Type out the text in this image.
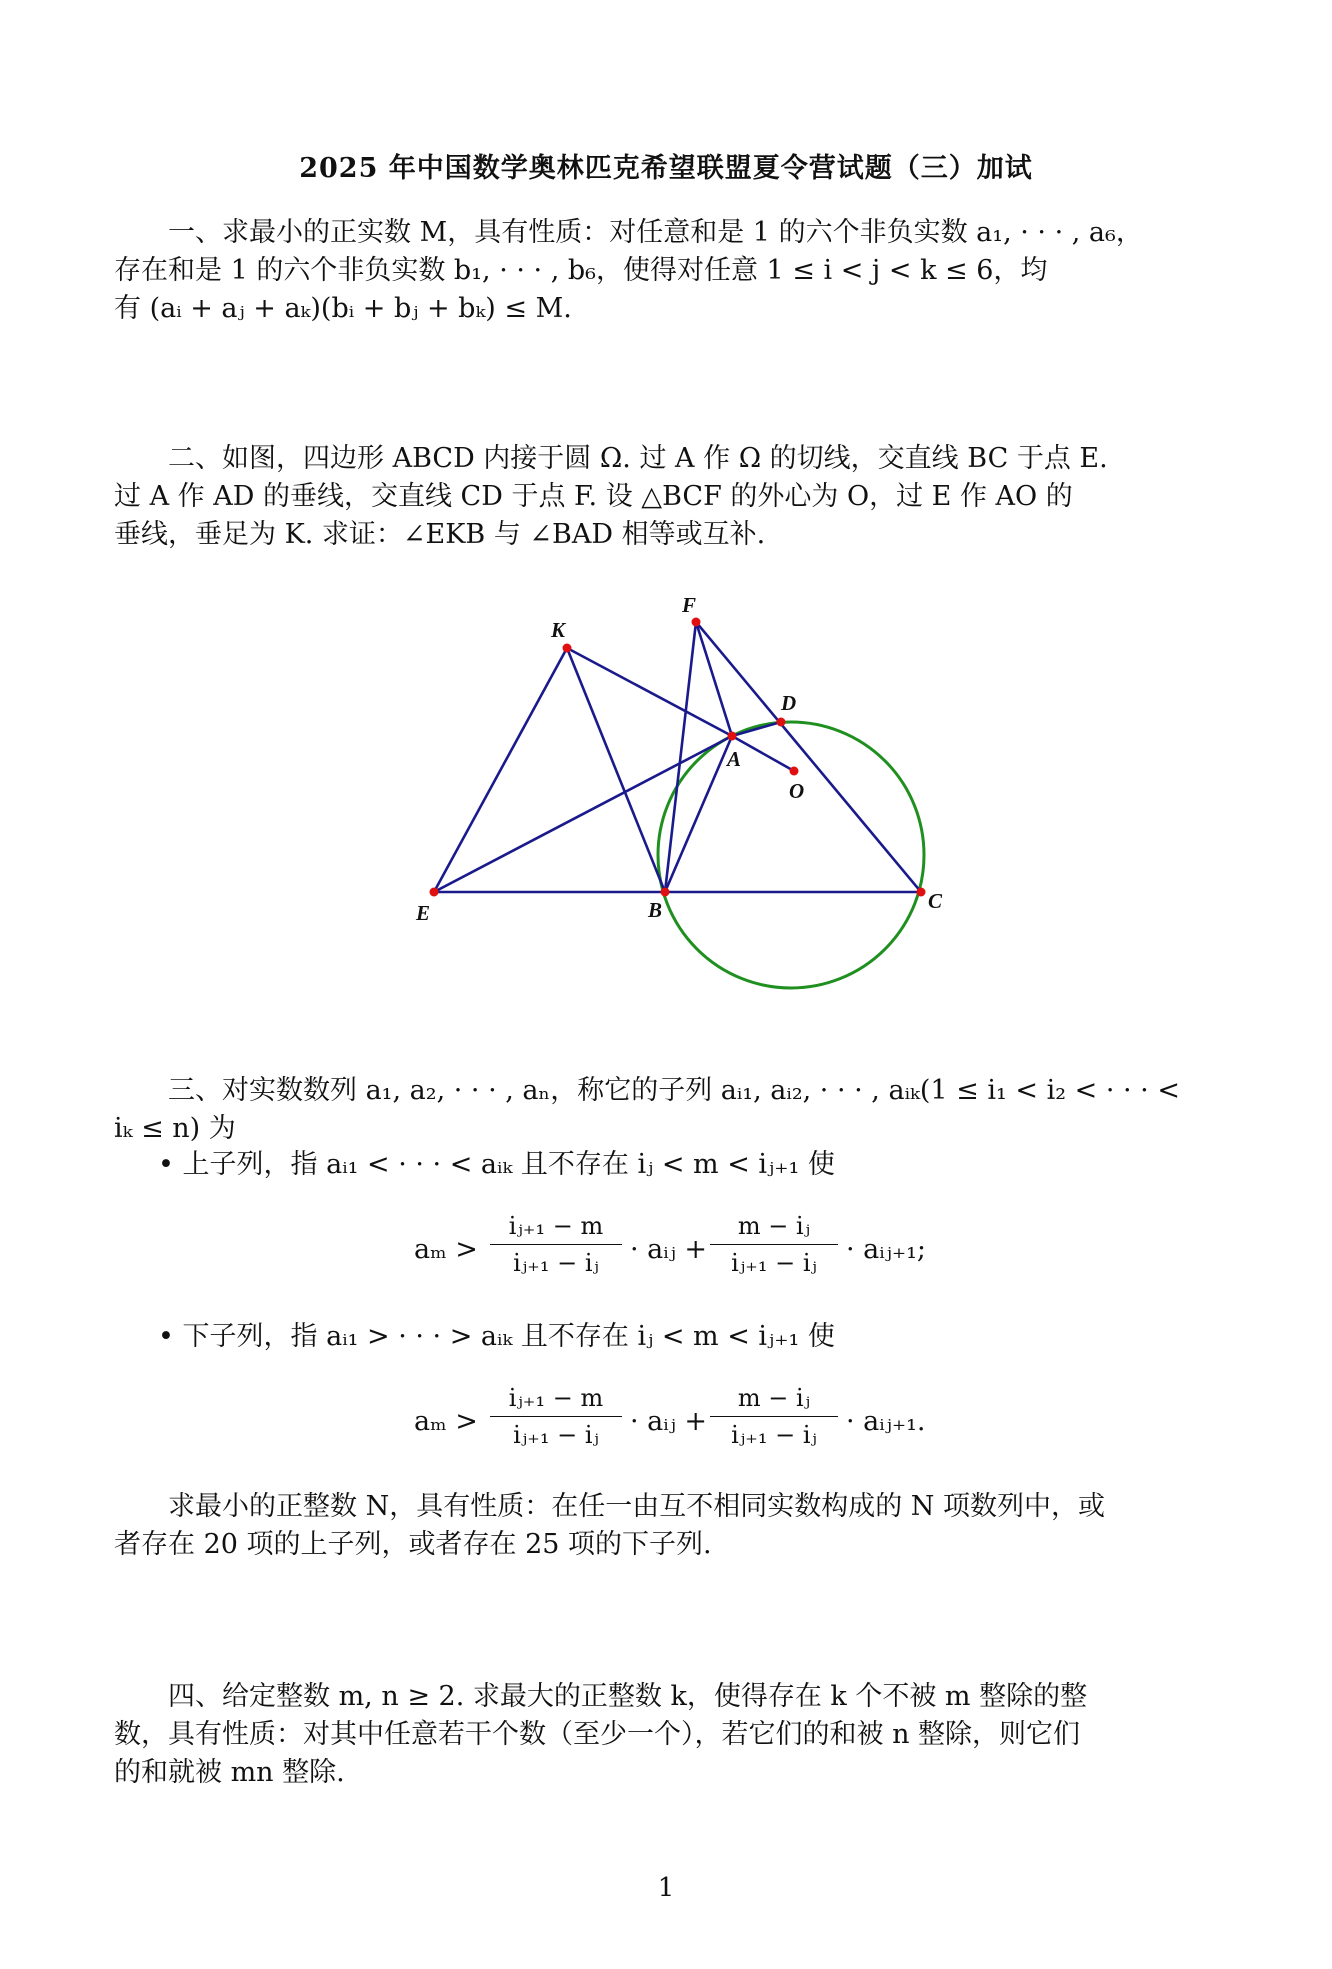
2025 年中国数学奥林匹克希望联盟夏令营试题（三）加试
一、求最小的正实数 M，具有性质：对任意和是 1 的六个非负实数 a₁, · · · , a₆，
存在和是 1 的六个非负实数 b₁, · · · , b₆，使得对任意 1 ≤ i < j < k ≤ 6，均
有 (aᵢ + aⱼ + aₖ)(bᵢ + bⱼ + bₖ) ≤ M.
二、如图，四边形 ABCD 内接于圆 Ω. 过 A 作 Ω 的切线，交直线 BC 于点 E.
过 A 作 AD 的垂线，交直线 CD 于点 F. 设 △BCF 的外心为 O，过 E 作 AO 的
垂线，垂足为 K. 求证：∠EKB 与 ∠BAD 相等或互补.
K
F
D
A
O
E	B	C
三、对实数数列 a₁, a₂, · · · , aₙ，称它的子列 aᵢ₁, aᵢ₂, · · · , aᵢₖ(1 ≤ i₁ < i₂ < · · · <
iₖ ≤ n) 为
• 上子列，指 aᵢ₁ < · · · < aᵢₖ 且不存在 iⱼ < m < iⱼ₊₁ 使
aₘ >
iⱼ₊₁ − m
iⱼ₊₁ − iⱼ	· aᵢⱼ +
m − iⱼ
iⱼ₊₁ − iⱼ	· aᵢⱼ₊₁;
• 下子列，指 aᵢ₁ > · · · > aᵢₖ 且不存在 iⱼ < m < iⱼ₊₁ 使
aₘ >
iⱼ₊₁ − m
iⱼ₊₁ − iⱼ	· aᵢⱼ +
m − iⱼ
iⱼ₊₁ − iⱼ	· aᵢⱼ₊₁.
求最小的正整数 N，具有性质：在任一由互不相同实数构成的 N 项数列中，或
者存在 20 项的上子列，或者存在 25 项的下子列.
四、给定整数 m, n ≥ 2. 求最大的正整数 k，使得存在 k 个不被 m 整除的整
数，具有性质：对其中任意若干个数（至少一个），若它们的和被 n 整除，则它们
的和就被 mn 整除.
1
